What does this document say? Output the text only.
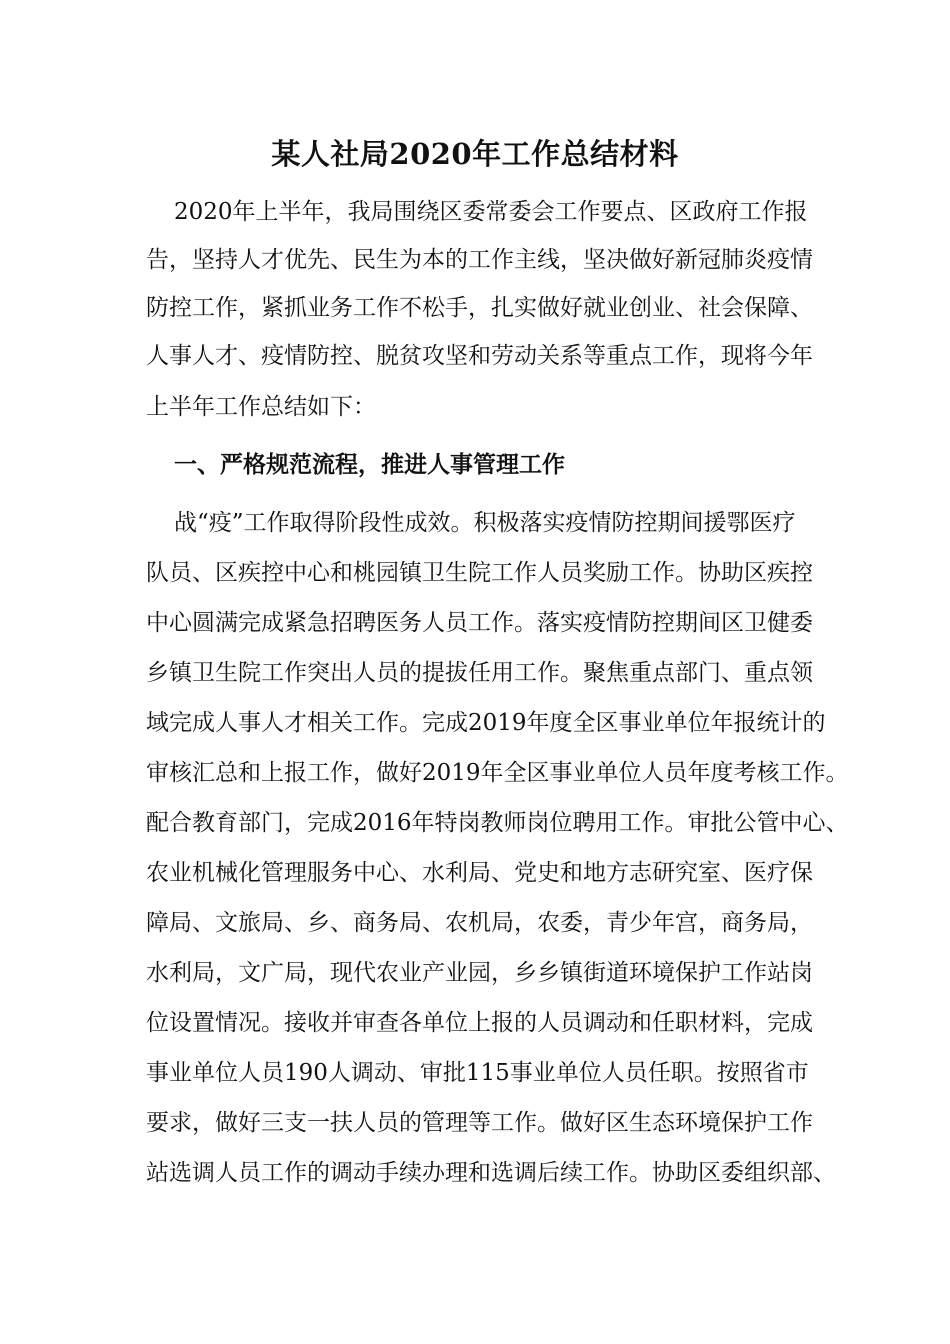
某人社局2020年工作总结材料

2020年上半年，我局围绕区委常委会工作要点、区政府工作报

告，坚持人才优先、民生为本的工作主线，坚决做好新冠肺炎疫情

防控工作，紧抓业务工作不松手，扎实做好就业创业、社会保障、

人事人才、疫情防控、脱贫攻坚和劳动关系等重点工作，现将今年

上半年工作总结如下：

一、严格规范流程，推进人事管理工作

战“疫”工作取得阶段性成效。积极落实疫情防控期间援鄂医疗

队员、区疾控中心和桃园镇卫生院工作人员奖励工作。协助区疾控

中心圆满完成紧急招聘医务人员工作。落实疫情防控期间区卫健委

乡镇卫生院工作突出人员的提拔任用工作。聚焦重点部门、重点领

域完成人事人才相关工作。完成2019年度全区事业单位年报统计的

审核汇总和上报工作，做好2019年全区事业单位人员年度考核工作。

配合教育部门，完成2016年特岗教师岗位聘用工作。审批公管中心、

农业机械化管理服务中心、水利局、党史和地方志研究室、医疗保

障局、文旅局、乡、商务局、农机局，农委，青少年宫，商务局，

水利局，文广局，现代农业产业园，乡乡镇街道环境保护工作站岗

位设置情况。接收并审查各单位上报的人员调动和任职材料，完成

事业单位人员190人调动、审批115事业单位人员任职。按照省市

要求，做好三支一扶人员的管理等工作。做好区生态环境保护工作

站选调人员工作的调动手续办理和选调后续工作。协助区委组织部、
